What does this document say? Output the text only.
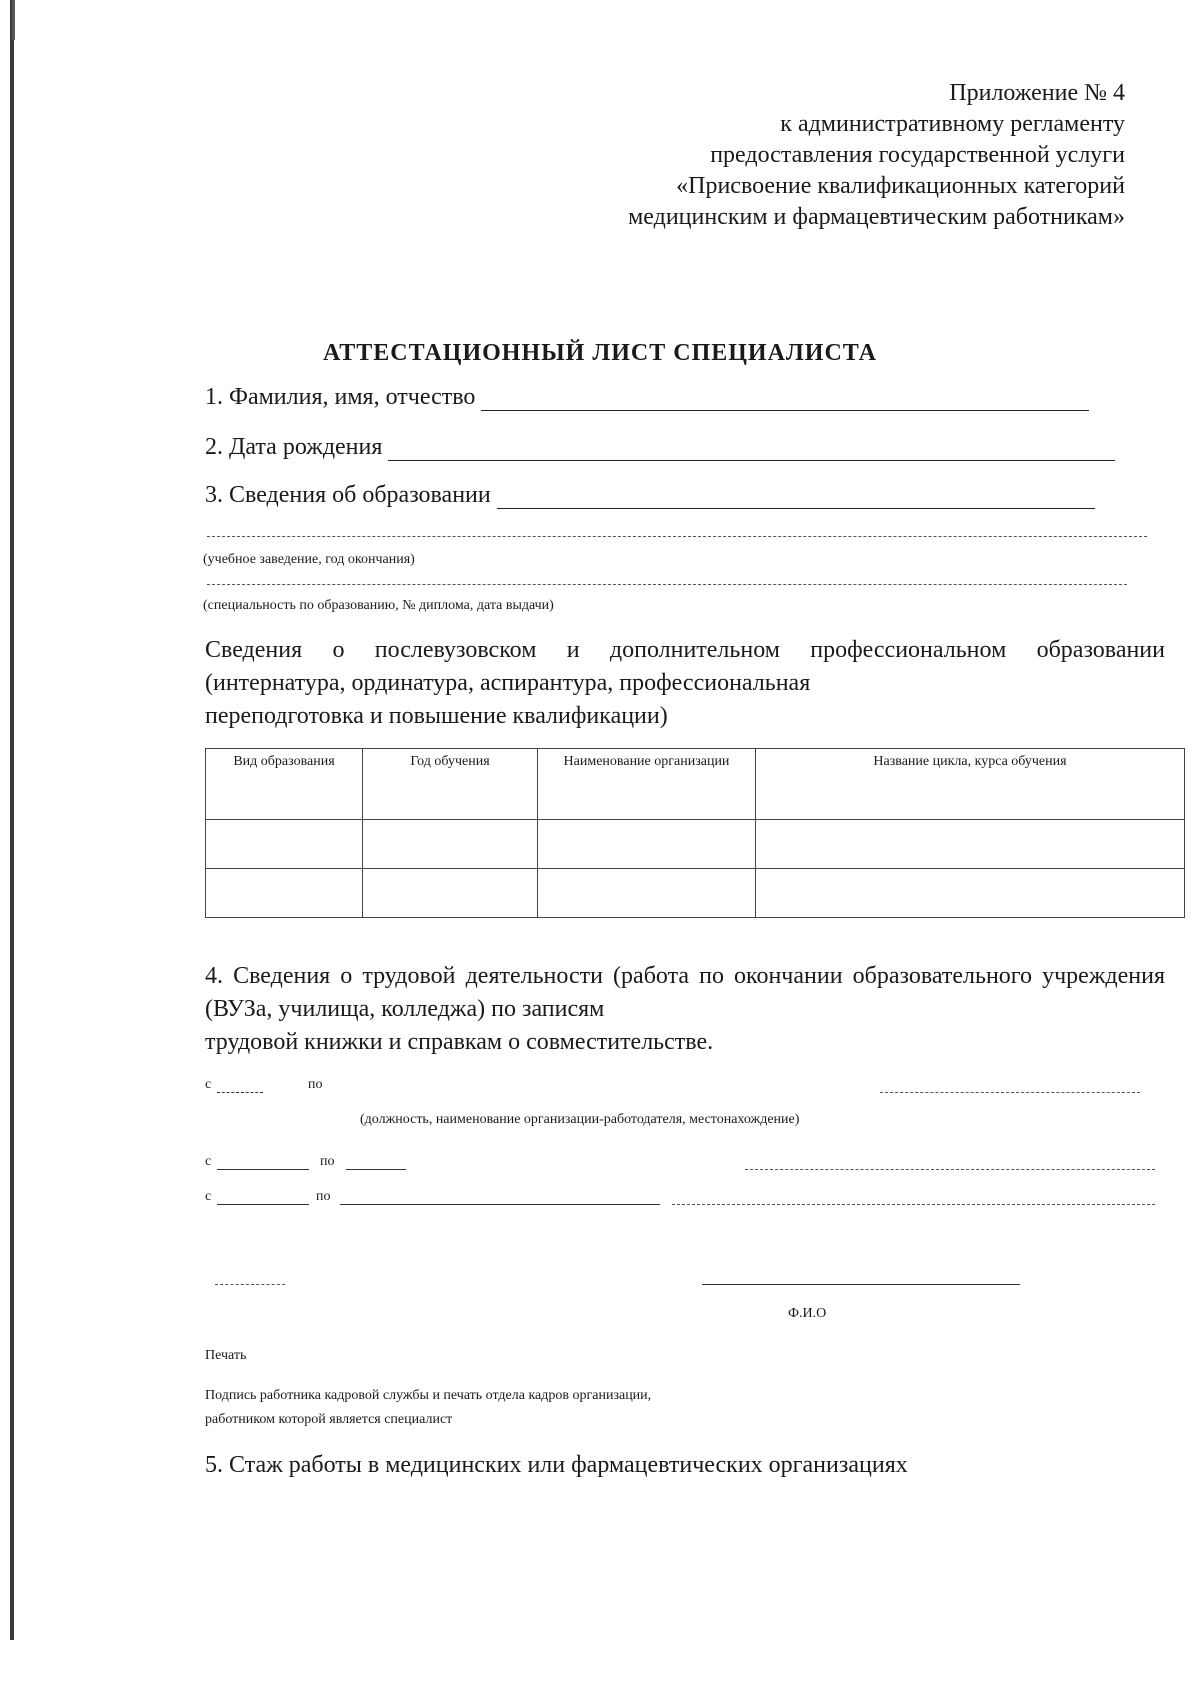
Приложение № 4
к административному регламенту
предоставления государственной услуги
«Присвоение квалификационных категорий
медицинским и фармацевтическим работникам»
АТТЕСТАЦИОННЫЙ ЛИСТ СПЕЦИАЛИСТА
1. Фамилия, имя, отчество
2. Дата рождения
3. Сведения об образовании
(учебное заведение, год окончания)
(специальность по образованию, № диплома, дата выдачи)
Сведения о послевузовском и дополнительном профессиональном образовании (интернатура, ординатура, аспирантура, профессиональная
переподготовка и повышение квалификации)
Вид образования	Год обучения	Наименование организации	Название цикла, курса обучения

4. Сведения о трудовой деятельности (работа по окончании образовательного учреждения (ВУЗа, училища, колледжа) по записям
трудовой книжки и справкам о совместительстве.
с	по
(должность, наименование организации-работодателя, местонахождение)
с	по
с	по
Ф.И.О
Печать
Подпись работника кадровой службы и печать отдела кадров организации,
работником которой является специалист
5. Стаж работы в медицинских или фармацевтических организациях
